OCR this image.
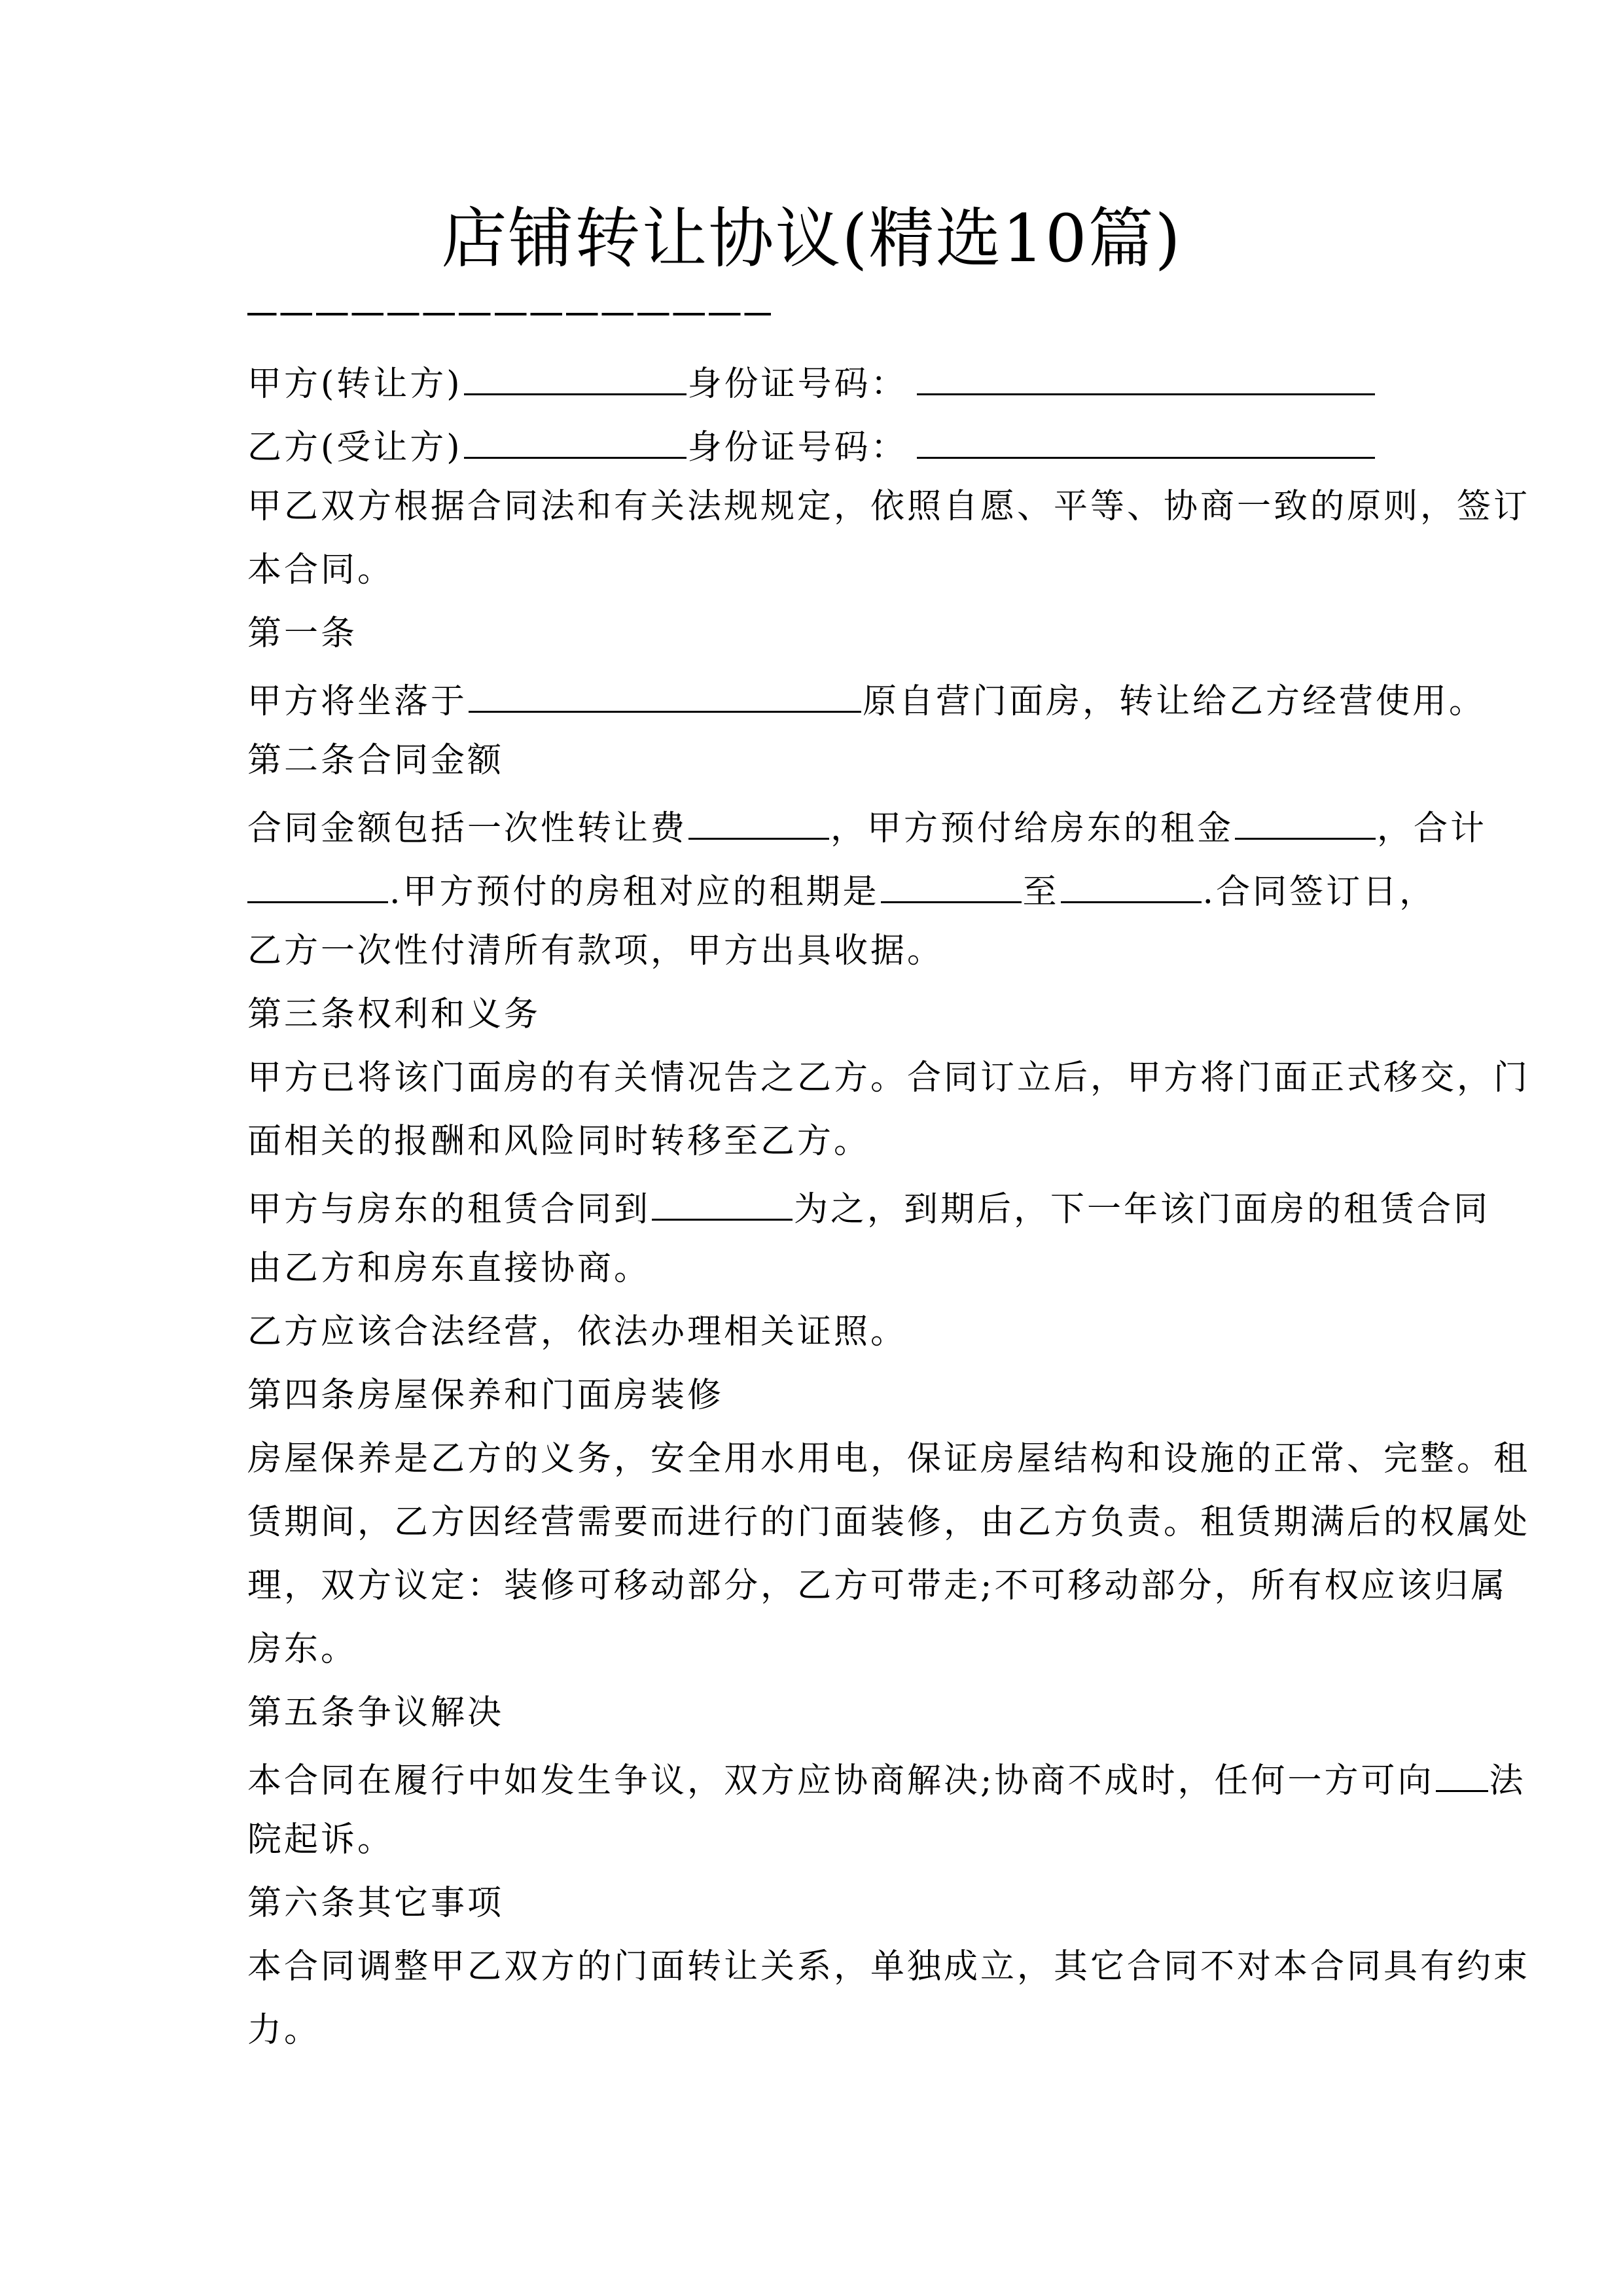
店铺转让协议(精选10篇)
甲方(转让方)	身份证号码：
乙方(受让方)	身份证号码：
甲乙双方根据合同法和有关法规规定，依照自愿、平等、协商一致的原则，签订
本合同。
第一条
甲方将坐落于	原自营门面房，转让给乙方经营使用。
第二条合同金额
合同金额包括一次性转让费	，甲方预付给房东的租金	，合计
.甲方预付的房租对应的租期是	至	.合同签订日，
乙方一次性付清所有款项，甲方出具收据。
第三条权利和义务
甲方已将该门面房的有关情况告之乙方。合同订立后，甲方将门面正式移交，门
面相关的报酬和风险同时转移至乙方。
甲方与房东的租赁合同到	为之，到期后，下一年该门面房的租赁合同
由乙方和房东直接协商。
乙方应该合法经营，依法办理相关证照。
第四条房屋保养和门面房装修
房屋保养是乙方的义务，安全用水用电，保证房屋结构和设施的正常、完整。租
赁期间，乙方因经营需要而进行的门面装修，由乙方负责。租赁期满后的权属处
理，双方议定：装修可移动部分，乙方可带走;不可移动部分，所有权应该归属
房东。
第五条争议解决
本合同在履行中如发生争议，双方应协商解决;协商不成时，任何一方可向 法
院起诉。
第六条其它事项
本合同调整甲乙双方的门面转让关系，单独成立，其它合同不对本合同具有约束
力。
